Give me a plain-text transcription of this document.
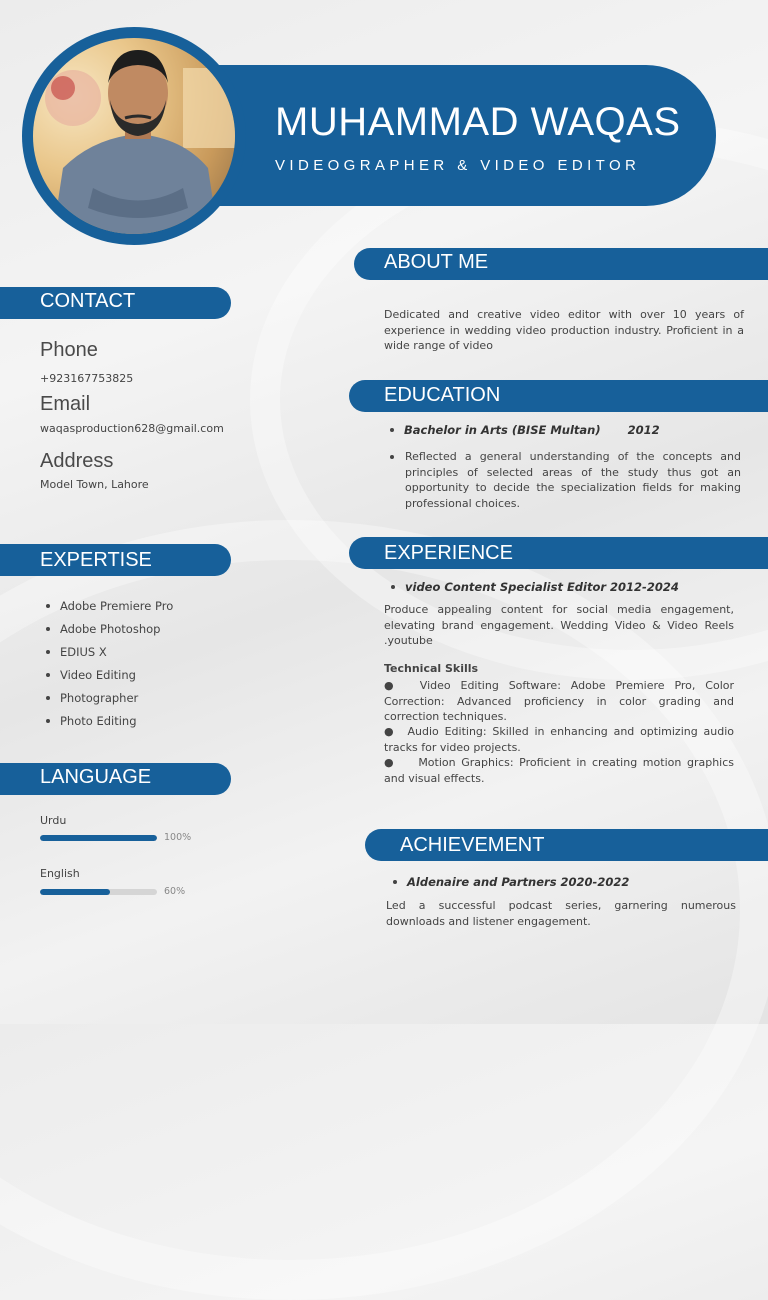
MUHAMMAD WAQAS
VIDEOGRAPHER & VIDEO EDITOR
CONTACT
Phone
+923167753825
Email
waqasproduction628@gmail.com
Address
Model Town, Lahore
EXPERTISE
Adobe Premiere Pro
Adobe Photoshop
EDIUS X
Video Editing
Photographer
Photo Editing
LANGUAGE
Urdu
100%
English
60%
ABOUT ME
Dedicated and creative video editor with over 10 years of experience in wedding video production industry. Proficient in a wide range of video
EDUCATION
Bachelor in Arts (BISE Multan) 2012
Reflected a general understanding of the concepts and principles of selected areas of the study thus got an opportunity to decide the specialization fields for making professional choices.
EXPERIENCE
video Content Specialist Editor 2012-2024
Produce appealing content for social media engagement, elevating brand engagement. Wedding Video & Video Reels .youtube
Technical Skills
●  Video Editing Software: Adobe Premiere Pro, Color Correction: Advanced proficiency in color grading and correction techniques.
●  Audio Editing: Skilled in enhancing and optimizing audio tracks for video projects.
●    Motion Graphics: Proficient in creating motion graphics and visual effects.
ACHIEVEMENT
Aldenaire and Partners 2020-2022
Led a successful podcast series, garnering numerous downloads and listener engagement.
